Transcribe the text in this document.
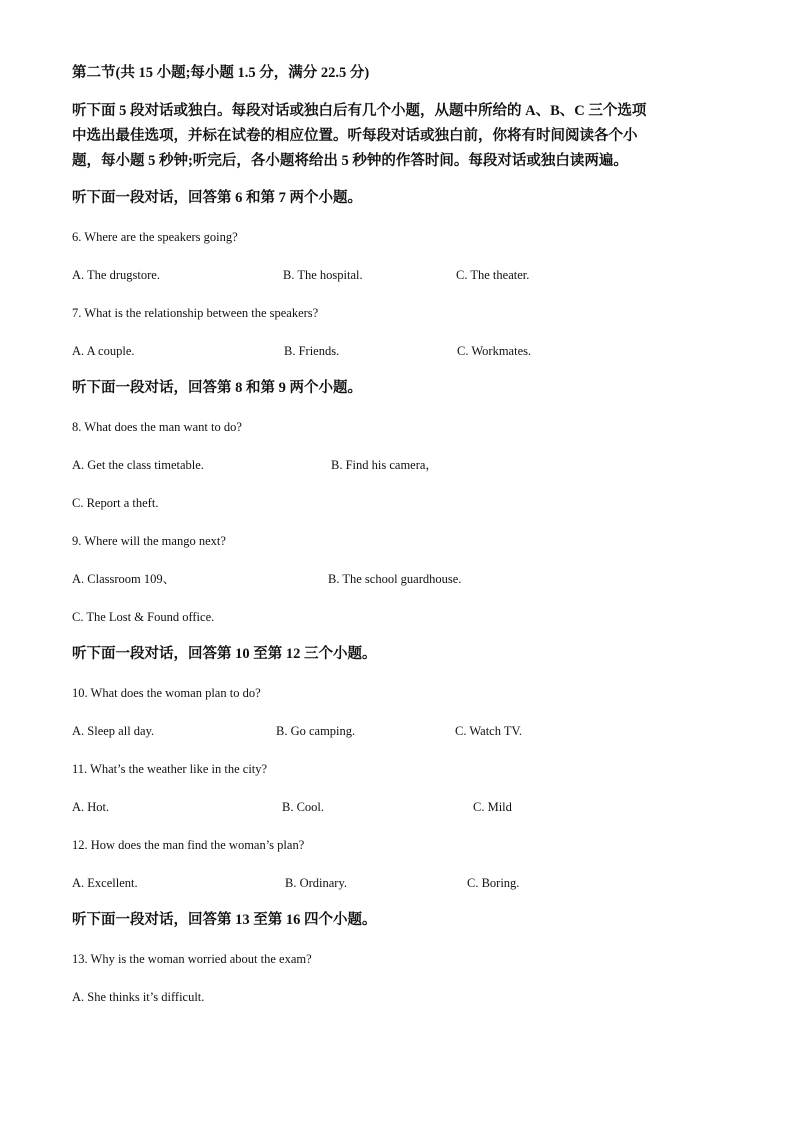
第二节(共 15 小题;每小题 1.5 分，满分 22.5 分)
听下面 5 段对话或独白。每段对话或独白后有几个小题，从题中所给的 A、B、C 三个选项
中选出最佳选项，并标在试卷的相应位置。听每段对话或独白前，你将有时间阅读各个小
题，每小题 5 秒钟;听完后，各小题将给出 5 秒钟的作答时间。每段对话或独白读两遍。
听下面一段对话，回答第 6 和第 7 两个小题。
6. Where are the speakers going?
A. The drugstore.	B. The hospital.	C. The theater.
7. What is the relationship between the speakers?
A. A couple.	B. Friends.	C. Workmates.
听下面一段对话，回答第 8 和第 9 两个小题。
8. What does the man want to do?
A. Get the class timetable.	B. Find his camera，
C. Report a theft.
9. Where will the mango next?
A. Classroom 109、	B. The school guardhouse.
C. The Lost & Found office.
听下面一段对话，回答第 10 至第 12 三个小题。
10. What does the woman plan to do?
A. Sleep all day.	B. Go camping.	C. Watch TV.
11. What’s the weather like in the city?
A. Hot.	B. Cool.	C. Mild
12. How does the man find the woman’s plan?
A. Excellent.	B. Ordinary.	C. Boring.
听下面一段对话，回答第 13 至第 16 四个小题。
13. Why is the woman worried about the exam?
A. She thinks it’s difficult.
